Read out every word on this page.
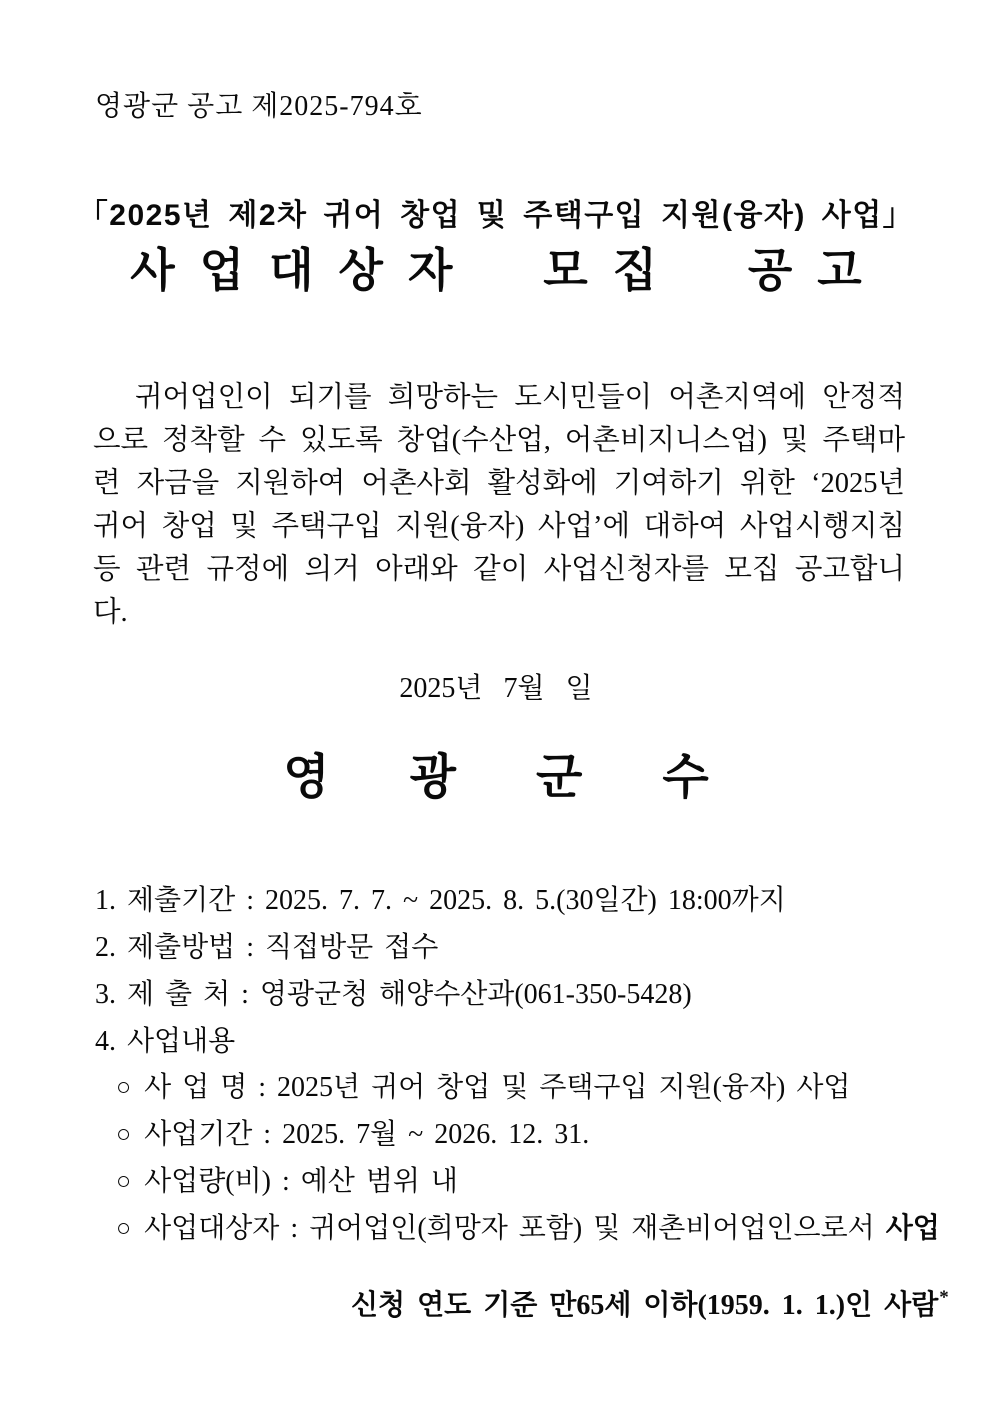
영광군 공고 제2025-794호
「2025년 제2차 귀어 창업 및 주택구입 지원(융자) 사업」
사업대상자 모집 공고

귀어업인이 되기를 희망하는 도시민들이 어촌지역에 안정적으로 정착할 수 있도록 창업(수산업, 어촌비지니스업) 및 주택마련 자금을 지원하여 어촌사회 활성화에 기여하기 위한 ‘2025년 귀어 창업 및 주택구입 지원(융자) 사업’에 대하여 사업시행지침 등 관련 규정에 의거 아래와 같이 사업신청자를 모집 공고합니다.

2025년   7월   일
영광군수
1. 제출기간 : 2025. 7. 7. ~ 2025. 8. 5.(30일간) 18:00까지
2. 제출방법 : 직접방문 접수
3. 제 출 처 : 영광군청 해양수산과(061-350-5428)
4. 사업내용
○ 사 업 명 : 2025년 귀어 창업 및 주택구입 지원(융자) 사업
○ 사업기간 : 2025. 7월 ~ 2026. 12. 31.
○ 사업량(비) : 예산 범위 내
○ 사업대상자 : 귀어업인(희망자 포함) 및 재촌비어업인으로서 사업

신청 연도 기준 만65세 이하(1959. 1. 1.)인 사람*
